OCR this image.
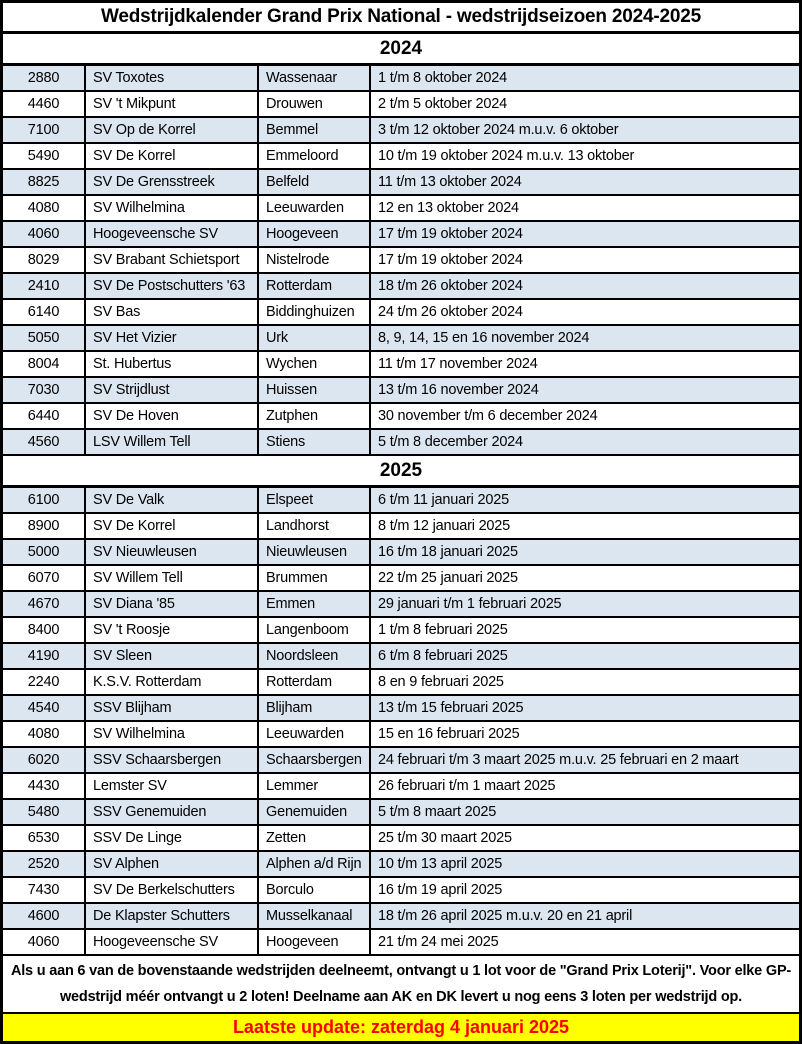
Wedstrijdkalender Grand Prix National - wedstrijdseizoen 2024-2025
2024
2880	SV Toxotes	Wassenaar	1 t/m 8 oktober 2024
4460	SV 't Mikpunt	Drouwen	2 t/m 5 oktober 2024
7100	SV Op de Korrel	Bemmel	3 t/m 12 oktober 2024 m.u.v. 6 oktober
5490	SV De Korrel	Emmeloord	10 t/m 19 oktober 2024 m.u.v. 13 oktober
8825	SV De Grensstreek	Belfeld	11 t/m 13 oktober 2024
4080	SV Wilhelmina	Leeuwarden	12 en 13 oktober 2024
4060	Hoogeveensche SV	Hoogeveen	17 t/m 19 oktober 2024
8029	SV Brabant Schietsport	Nistelrode	17 t/m 19 oktober 2024
2410	SV De Postschutters '63	Rotterdam	18 t/m 26 oktober 2024
6140	SV Bas	Biddinghuizen	24 t/m 26 oktober 2024
5050	SV Het Vizier	Urk	8, 9, 14, 15 en 16 november 2024
8004	St. Hubertus	Wychen	11 t/m 17 november 2024
7030	SV Strijdlust	Huissen	13 t/m 16 november 2024
6440	SV De Hoven	Zutphen	30 november t/m 6 december 2024
4560	LSV Willem Tell	Stiens	5 t/m 8 december 2024
2025
6100	SV De Valk	Elspeet	6 t/m 11 januari 2025
8900	SV De Korrel	Landhorst	8 t/m 12 januari 2025
5000	SV Nieuwleusen	Nieuwleusen	16 t/m 18 januari 2025
6070	SV Willem Tell	Brummen	22 t/m 25 januari 2025
4670	SV Diana '85	Emmen	29 januari t/m 1 februari 2025
8400	SV 't Roosje	Langenboom	1 t/m 8 februari 2025
4190	SV Sleen	Noordsleen	6 t/m 8 februari 2025
2240	K.S.V. Rotterdam	Rotterdam	8 en 9 februari 2025
4540	SSV Blijham	Blijham	13 t/m 15 februari 2025
4080	SV Wilhelmina	Leeuwarden	15 en 16 februari 2025
6020	SSV Schaarsbergen	Schaarsbergen	24 februari t/m 3 maart 2025 m.u.v. 25 februari en 2 maart
4430	Lemster SV	Lemmer	26 februari t/m 1 maart 2025
5480	SSV Genemuiden	Genemuiden	5 t/m 8 maart 2025
6530	SSV De Linge	Zetten	25 t/m 30 maart 2025
2520	SV Alphen	Alphen a/d Rijn	10 t/m 13 april 2025
7430	SV De Berkelschutters	Borculo	16 t/m 19 april 2025
4600	De Klapster Schutters	Musselkanaal	18 t/m 26 april 2025 m.u.v. 20 en 21 april
4060	Hoogeveensche SV	Hoogeveen	21 t/m 24 mei 2025
Als u aan 6 van de bovenstaande wedstrijden deelneemt, ontvangt u 1 lot voor de "Grand Prix Loterij". Voor elke GP-
wedstrijd méér ontvangt u 2 loten! Deelname aan AK en DK levert u nog eens 3 loten per wedstrijd op.
Laatste update: zaterdag 4 januari 2025
